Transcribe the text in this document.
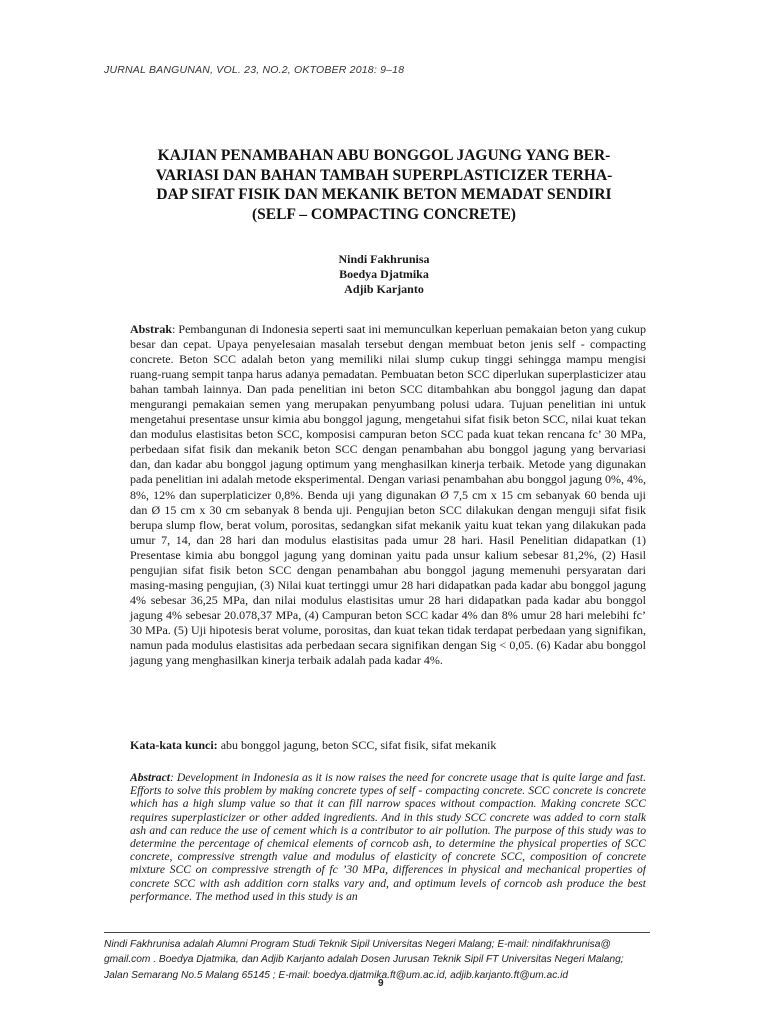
JURNAL BANGUNAN, VOL. 23, NO.2, OKTOBER 2018: 9–18
KAJIAN PENAMBAHAN ABU BONGGOL JAGUNG YANG BER-
VARIASI DAN BAHAN TAMBAH SUPERPLASTICIZER TERHA-
DAP SIFAT FISIK DAN MEKANIK BETON MEMADAT SENDIRI
(SELF – COMPACTING CONCRETE)
Nindi Fakhrunisa
Boedya Djatmika
Adjib Karjanto
Abstrak: Pembangunan di Indonesia seperti saat ini memunculkan keperluan pemakaian beton yang cukup besar dan cepat. Upaya penyelesaian masalah tersebut dengan membuat beton jenis self - compacting concrete. Beton SCC adalah beton yang memiliki nilai slump cukup tinggi sehingga mampu mengisi ruang-ruang sempit tanpa harus adanya pemadatan. Pembuatan beton SCC diperlukan superplasticizer atau bahan tambah lainnya. Dan pada penelitian ini beton SCC ditambahkan abu bonggol jagung dan dapat mengurangi pemakaian semen yang merupakan penyumbang polusi udara. Tujuan penelitian ini untuk mengetahui presentase unsur kimia abu bonggol jagung, mengetahui sifat fisik beton SCC, nilai kuat tekan dan modulus elastisitas beton SCC, komposisi campuran beton SCC pada kuat tekan rencana fc’ 30 MPa, perbedaan sifat fisik dan mekanik beton SCC dengan penambahan abu bonggol jagung yang bervariasi dan, dan kadar abu bonggol jagung optimum yang menghasilkan kinerja terbaik. Metode yang digunakan pada penelitian ini adalah metode eksperimental. Dengan variasi penambahan abu bonggol jagung 0%, 4%, 8%, 12% dan superplaticizer 0,8%. Benda uji yang digunakan Ø 7,5 cm x 15 cm sebanyak 60 benda uji dan Ø 15 cm x 30 cm sebanyak 8 benda uji. Pengujian beton SCC dilakukan dengan menguji sifat fisik berupa slump flow, berat volum, porositas, sedangkan sifat mekanik yaitu kuat tekan yang dilakukan pada umur 7, 14, dan 28 hari dan modulus elastisitas pada umur 28 hari. Hasil Penelitian didapatkan (1) Presentase kimia abu bonggol jagung yang dominan yaitu pada unsur kalium sebesar 81,2%, (2) Hasil pengujian sifat fisik beton SCC dengan penambahan abu bonggol jagung memenuhi persyaratan dari masing-masing pengujian, (3) Nilai kuat tertinggi umur 28 hari didapatkan pada kadar abu bonggol jagung 4% sebesar 36,25 MPa, dan nilai modulus elastisitas umur 28 hari didapatkan pada kadar abu bonggol jagung 4% sebesar 20.078,37 MPa, (4) Campuran beton SCC kadar 4% dan 8% umur 28 hari melebihi fc’ 30 MPa. (5) Uji hipotesis berat volume, porositas, dan kuat tekan tidak terdapat perbedaan yang signifikan, namun pada modulus elastisitas ada perbedaan secara signifikan dengan Sig < 0,05. (6) Kadar abu bonggol jagung yang menghasilkan kinerja terbaik adalah pada kadar 4%.
Kata-kata kunci: abu bonggol jagung, beton SCC, sifat fisik, sifat mekanik
Abstract: Development in Indonesia as it is now raises the need for concrete usage that is quite large and fast. Efforts to solve this problem by making concrete types of self - compacting concrete. SCC concrete is concrete which has a high slump value so that it can fill narrow spaces without compaction. Making concrete SCC requires superplasticizer or other added ingredients. And in this study SCC concrete was added to corn stalk ash and can reduce the use of cement which is a contributor to air pollution. The purpose of this study was to determine the percentage of chemical elements of corncob ash, to determine the physical properties of SCC concrete, compressive strength value and modulus of elasticity of concrete SCC, composition of concrete mixture SCC on compressive strength of fc ’30 MPa, differences in physical and mechanical properties of concrete SCC with ash addition corn stalks vary and, and optimum levels of corncob ash produce the best performance. The method used in this study is an
Nindi Fakhrunisa adalah Alumni Program Studi Teknik Sipil Universitas Negeri Malang; E-mail: nindifakhrunisa@
gmail.com . Boedya Djatmika, dan Adjib Karjanto adalah Dosen Jurusan Teknik Sipil FT Universitas Negeri Malang;
Jalan Semarang No.5 Malang 65145 ; E-mail: boedya.djatmika.ft@um.ac.id, adjib.karjanto.ft@um.ac.id
9
